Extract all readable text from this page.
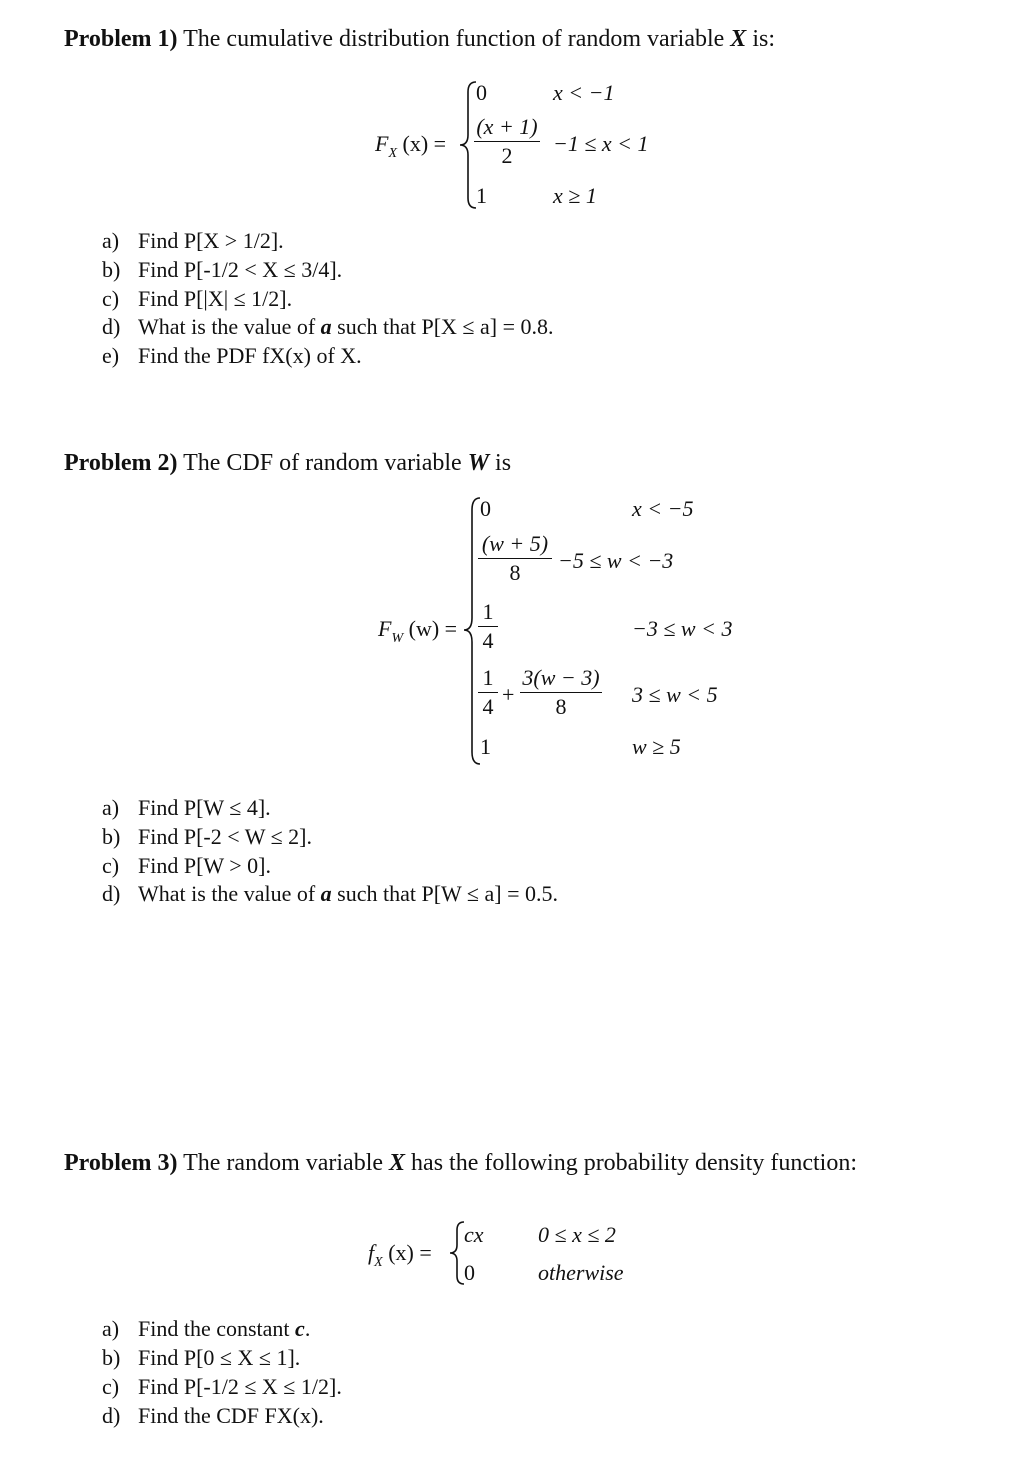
Problem 1) The cumulative distribution function of random variable X is:
$F_X$ (x) =
0	x < −1
(x + 1)
2	−1 ≤ x < 1
1	x ≥ 1
a) Find P[X > 1/2].
b) Find P[-1/2 < X ≤ 3/4].
c) Find P[|X| ≤ 1/2].
d) What is the value of a such that P[X ≤ a] = 0.8.
e) Find the PDF fX(x) of X.
Problem 2) The CDF of random variable W is
$F_W$ (w) =
0	x < −5
(w + 5)
8	−5 ≤ w < −3
1
4	−3 ≤ w < 3
1
4 +
3(w − 3)
8	3 ≤ w < 5
1	w ≥ 5
a) Find P[W ≤ 4].
b) Find P[-2 < W ≤ 2].
c) Find P[W > 0].
d) What is the value of a such that P[W ≤ a] = 0.5.
Problem 3) The random variable X has the following probability density function:
$f_X$ (x) =
cx 0 ≤ x ≤ 2
0	otherwise
a) Find the constant c.
b) Find P[0 ≤ X ≤ 1].
c) Find P[-1/2 ≤ X ≤ 1/2].
d) Find the CDF FX(x).
